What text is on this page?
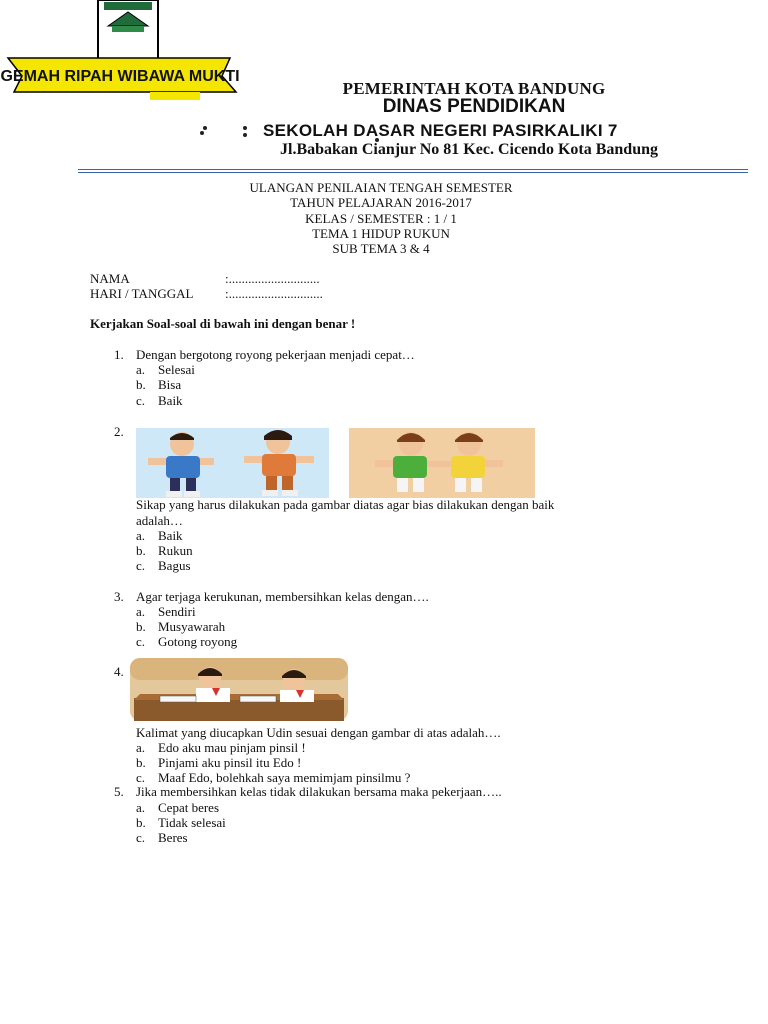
GEMAH RIPAH WIBAWA MUKTI
PEMERINTAH KOTA BANDUNG
DINAS PENDIDIKAN
SEKOLAH DASAR NEGERI PASIRKALIKI 7
Jl.Babakan Cianjur No 81 Kec. Cicendo Kota Bandung
ULANGAN PENILAIAN TENGAH SEMESTER
TAHUN PELAJARAN 2016-2017
KELAS / SEMESTER : 1 / 1
TEMA 1 HIDUP RUKUN
SUB TEMA 3 & 4
NAMA	:............................
HARI / TANGGAL :.............................
Kerjakan Soal-soal di bawah ini dengan benar !
1. Dengan bergotong royong pekerjaan menjadi cepat…
a. Selesai
b. Bisa
c. Baik
2.
Sikap yang harus dilakukan pada gambar diatas agar bias dilakukan dengan baik
adalah…
a. Baik
b. Rukun
c. Bagus
3. Agar terjaga kerukunan, membersihkan kelas dengan….
a. Sendiri
b. Musyawarah
c. Gotong royong
4.
Kalimat yang diucapkan Udin sesuai dengan gambar di atas adalah….
a. Edo aku mau pinjam pinsil !
b. Pinjami aku pinsil itu Edo !
c. Maaf Edo, bolehkah saya memimjam pinsilmu ?
5. Jika membersihkan kelas tidak dilakukan bersama maka pekerjaan…..
a. Cepat beres
b. Tidak selesai
c. Beres
